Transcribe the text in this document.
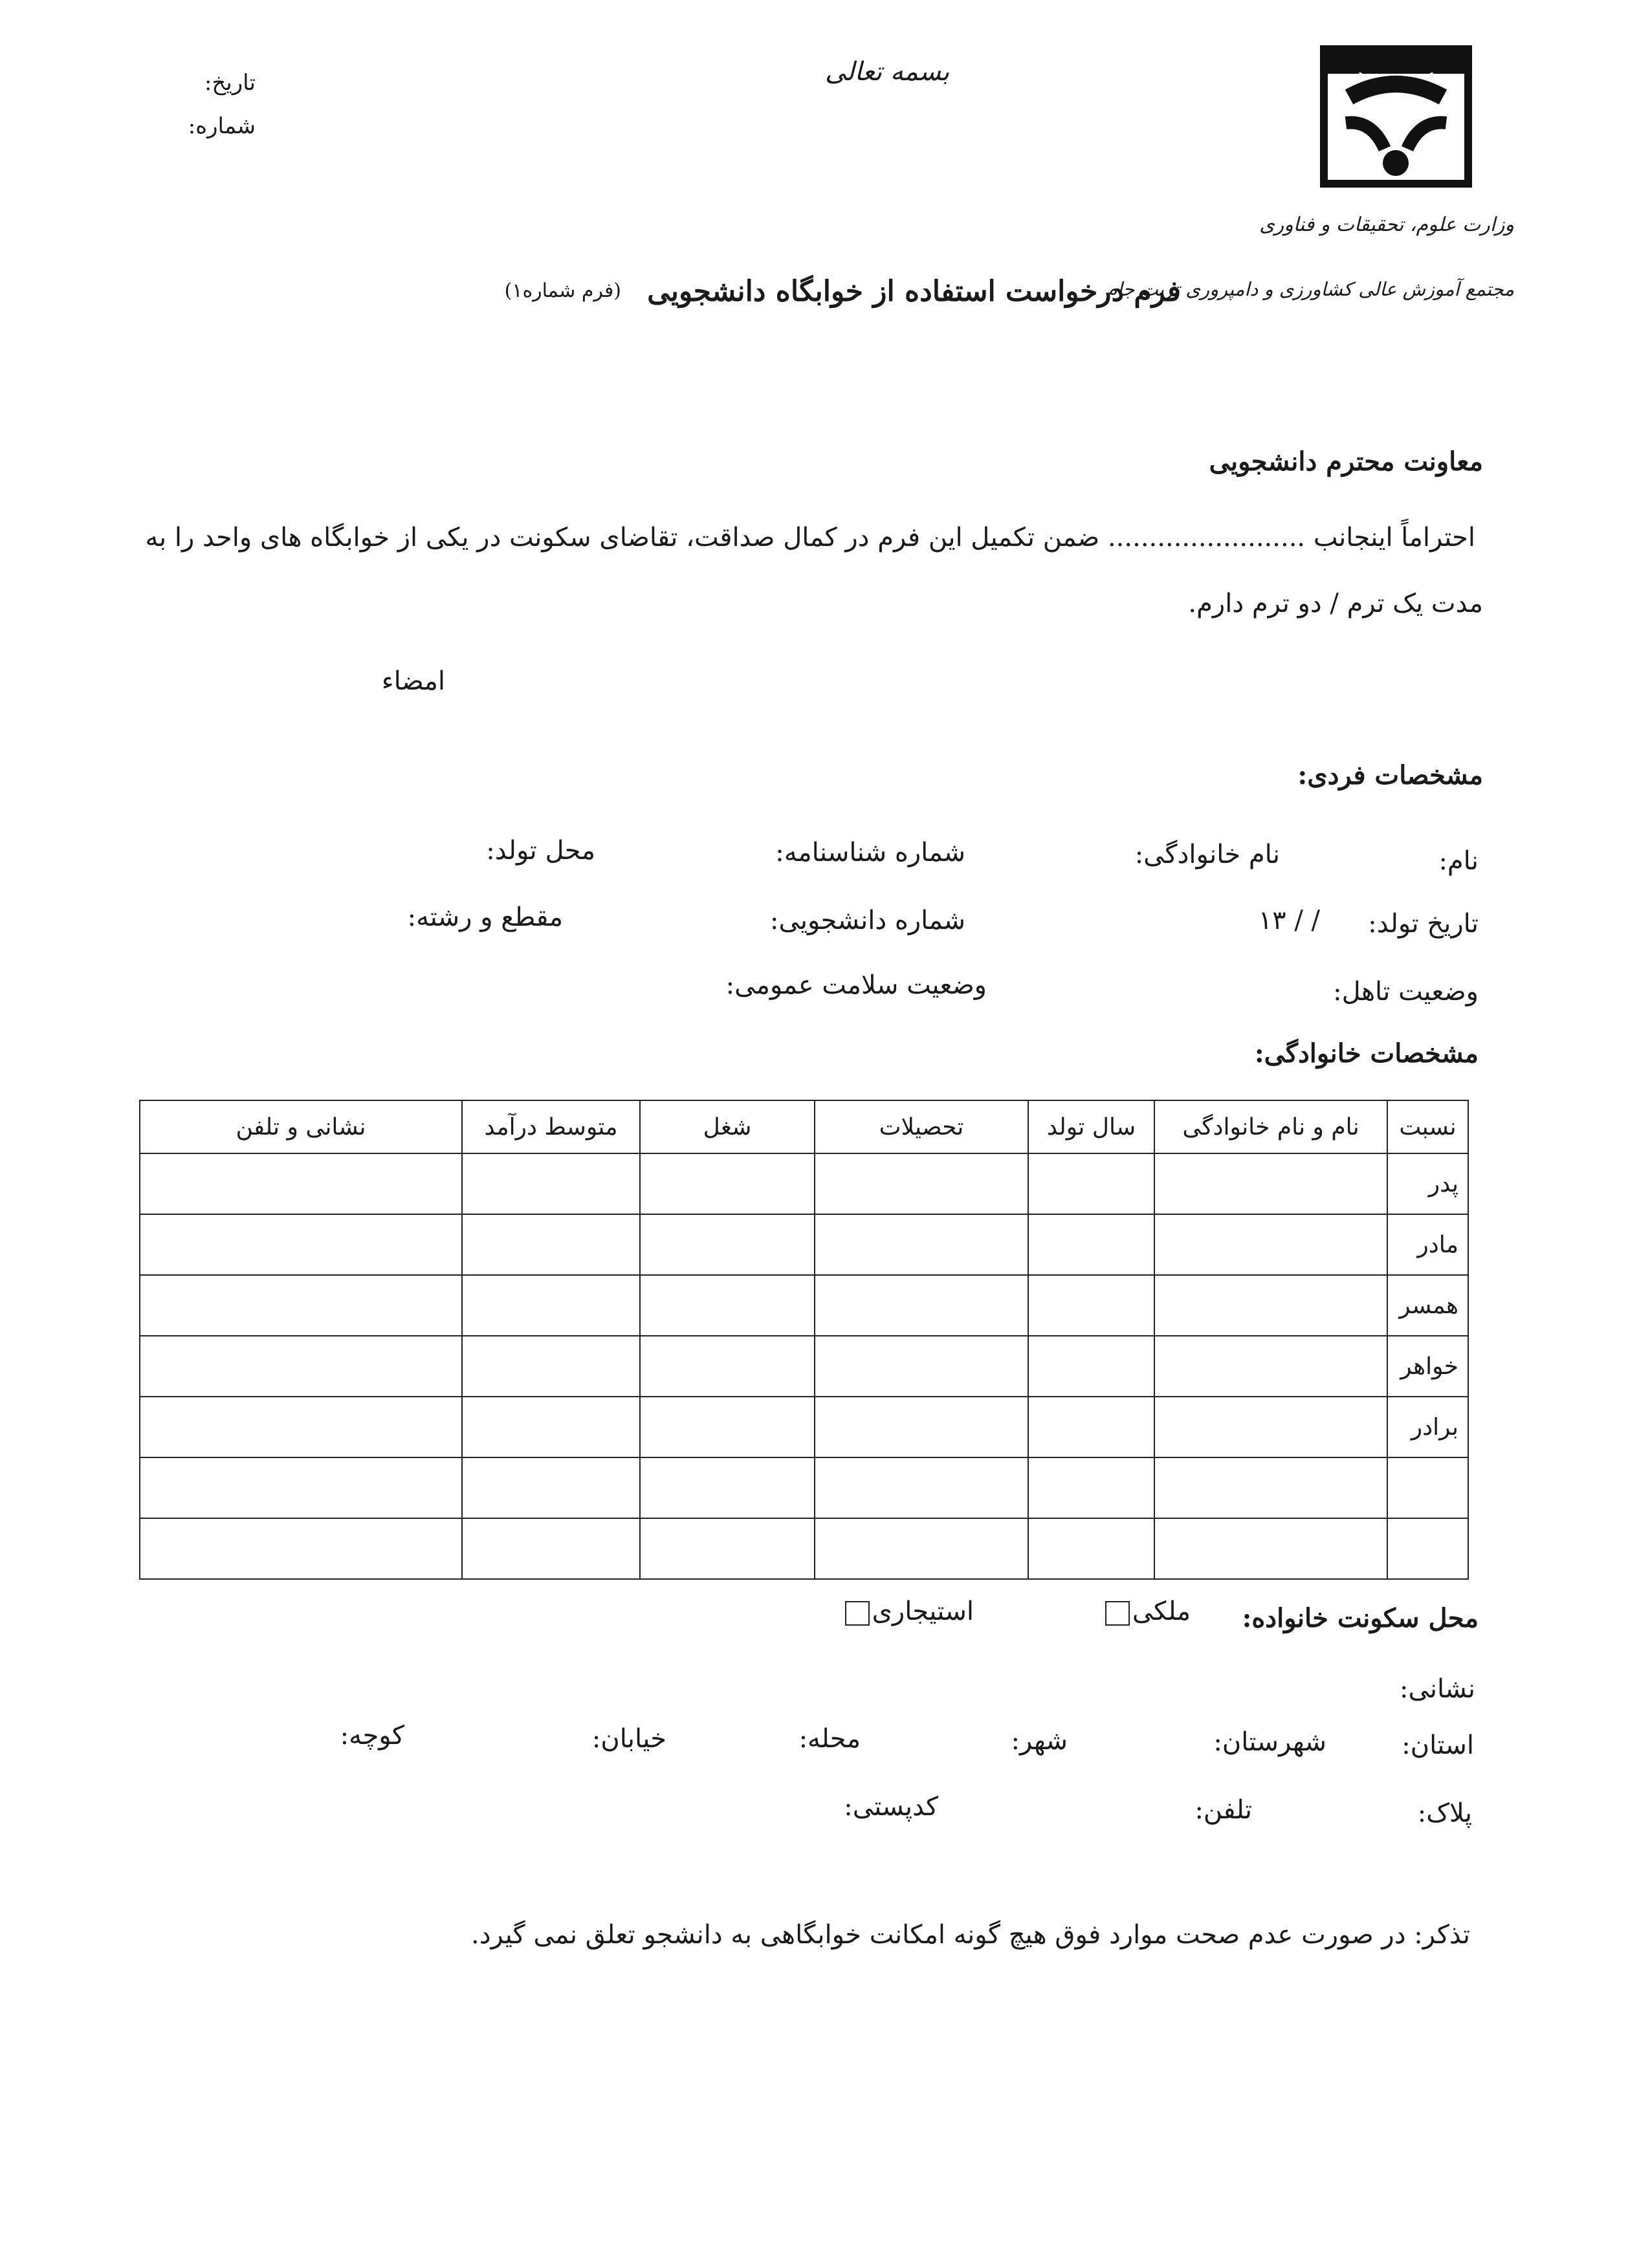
بسمه تعالی
تاریخ:
شماره:
وزارت علوم، تحقیقات و فناوری
مجتمع آموزش عالی کشاورزی و دامپروری تربت جام
فرم درخواست استفاده از خوابگاه دانشجویی
(فرم شماره۱)
معاونت محترم دانشجویی
احتراماً اینجانب ........................ ضمن تکمیل این فرم در کمال صداقت، تقاضای سکونت در یکی از خوابگاه های واحد را به
مدت یک ترم / دو ترم دارم.
امضاء
مشخصات فردی:
نام:
نام خانوادگی:
شماره شناسنامه:
محل تولد:
تاریخ تولد:
/ / ۱۳
شماره دانشجویی:
مقطع و رشته:
وضعیت تاهل:
وضعیت سلامت عمومی:
مشخصات خانوادگی:
نسبت	نام و نام خانوادگی	سال تولد	تحصیلات	شغل	متوسط درآمد	نشانی و تلفن
پدر						
مادر						
همسر						
خواهر						
برادر						

محل سکونت خانواده:
ملکی
استیجاری
نشانی:
استان:
شهرستان:
شهر:
محله:
خیابان:
کوچه:
پلاک:
تلفن:
کدپستی:
تذکر: در صورت عدم صحت موارد فوق هیچ گونه امکانت خوابگاهی به دانشجو تعلق نمی گیرد.
